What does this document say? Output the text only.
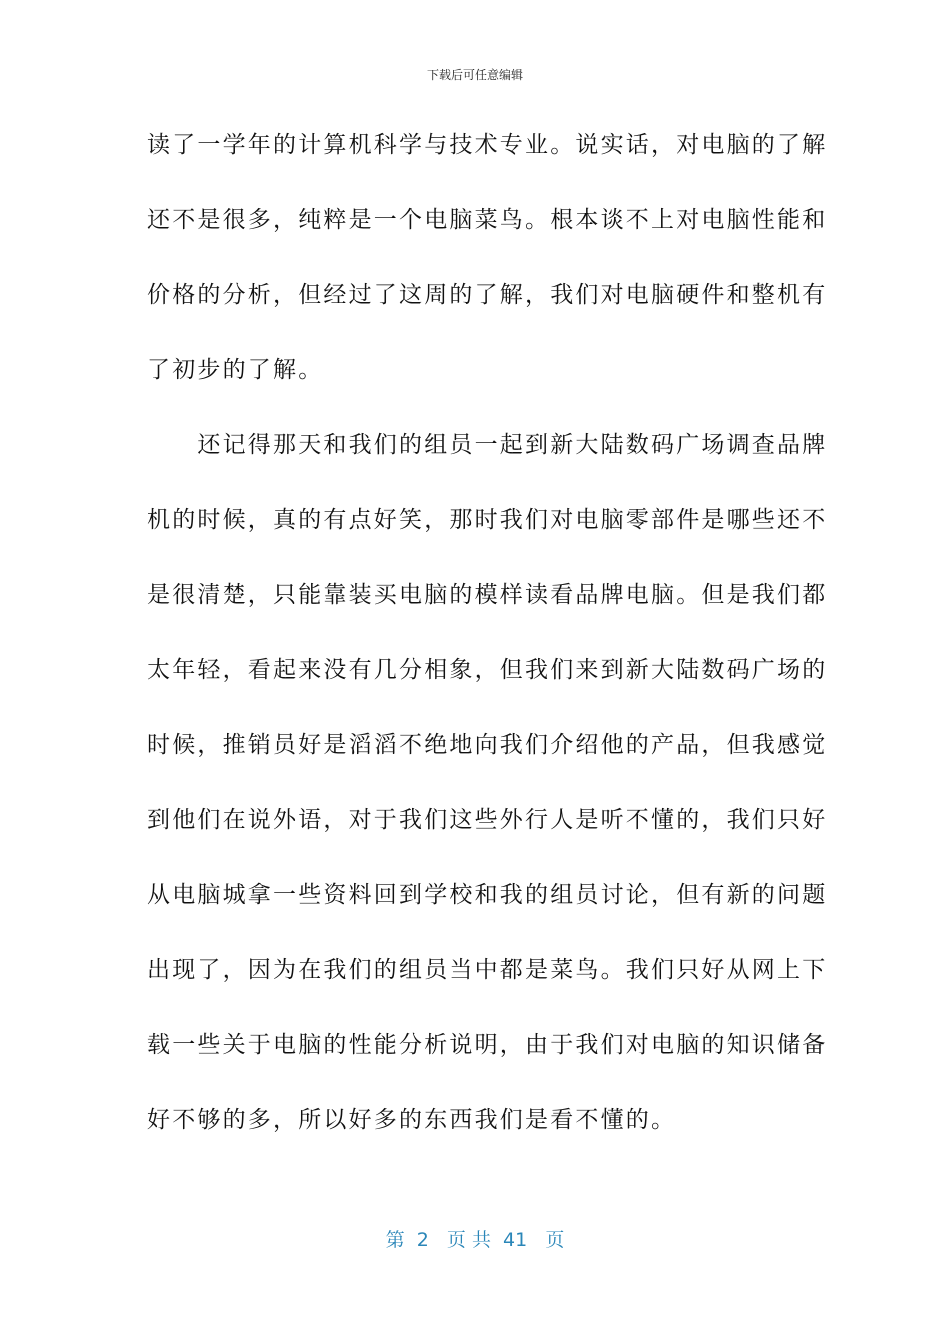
下载后可任意编辑
读了一学年的计算机科学与技术专业。说实话，对电脑的了解
还不是很多，纯粹是一个电脑菜鸟。根本谈不上对电脑性能和
价格的分析，但经过了这周的了解，我们对电脑硬件和整机有
了初步的了解。
　　还记得那天和我们的组员一起到新大陆数码广场调查品牌
机的时候，真的有点好笑，那时我们对电脑零部件是哪些还不
是很清楚，只能靠装买电脑的模样读看品牌电脑。但是我们都
太年轻，看起来没有几分相象，但我们来到新大陆数码广场的
时候，推销员好是滔滔不绝地向我们介绍他的产品，但我感觉
到他们在说外语，对于我们这些外行人是听不懂的，我们只好
从电脑城拿一些资料回到学校和我的组员讨论，但有新的问题
出现了，因为在我们的组员当中都是菜鸟。我们只好从网上下
载一些关于电脑的性能分析说明，由于我们对电脑的知识储备
好不够的多，所以好多的东西我们是看不懂的。
第  2   页 共  41   页
